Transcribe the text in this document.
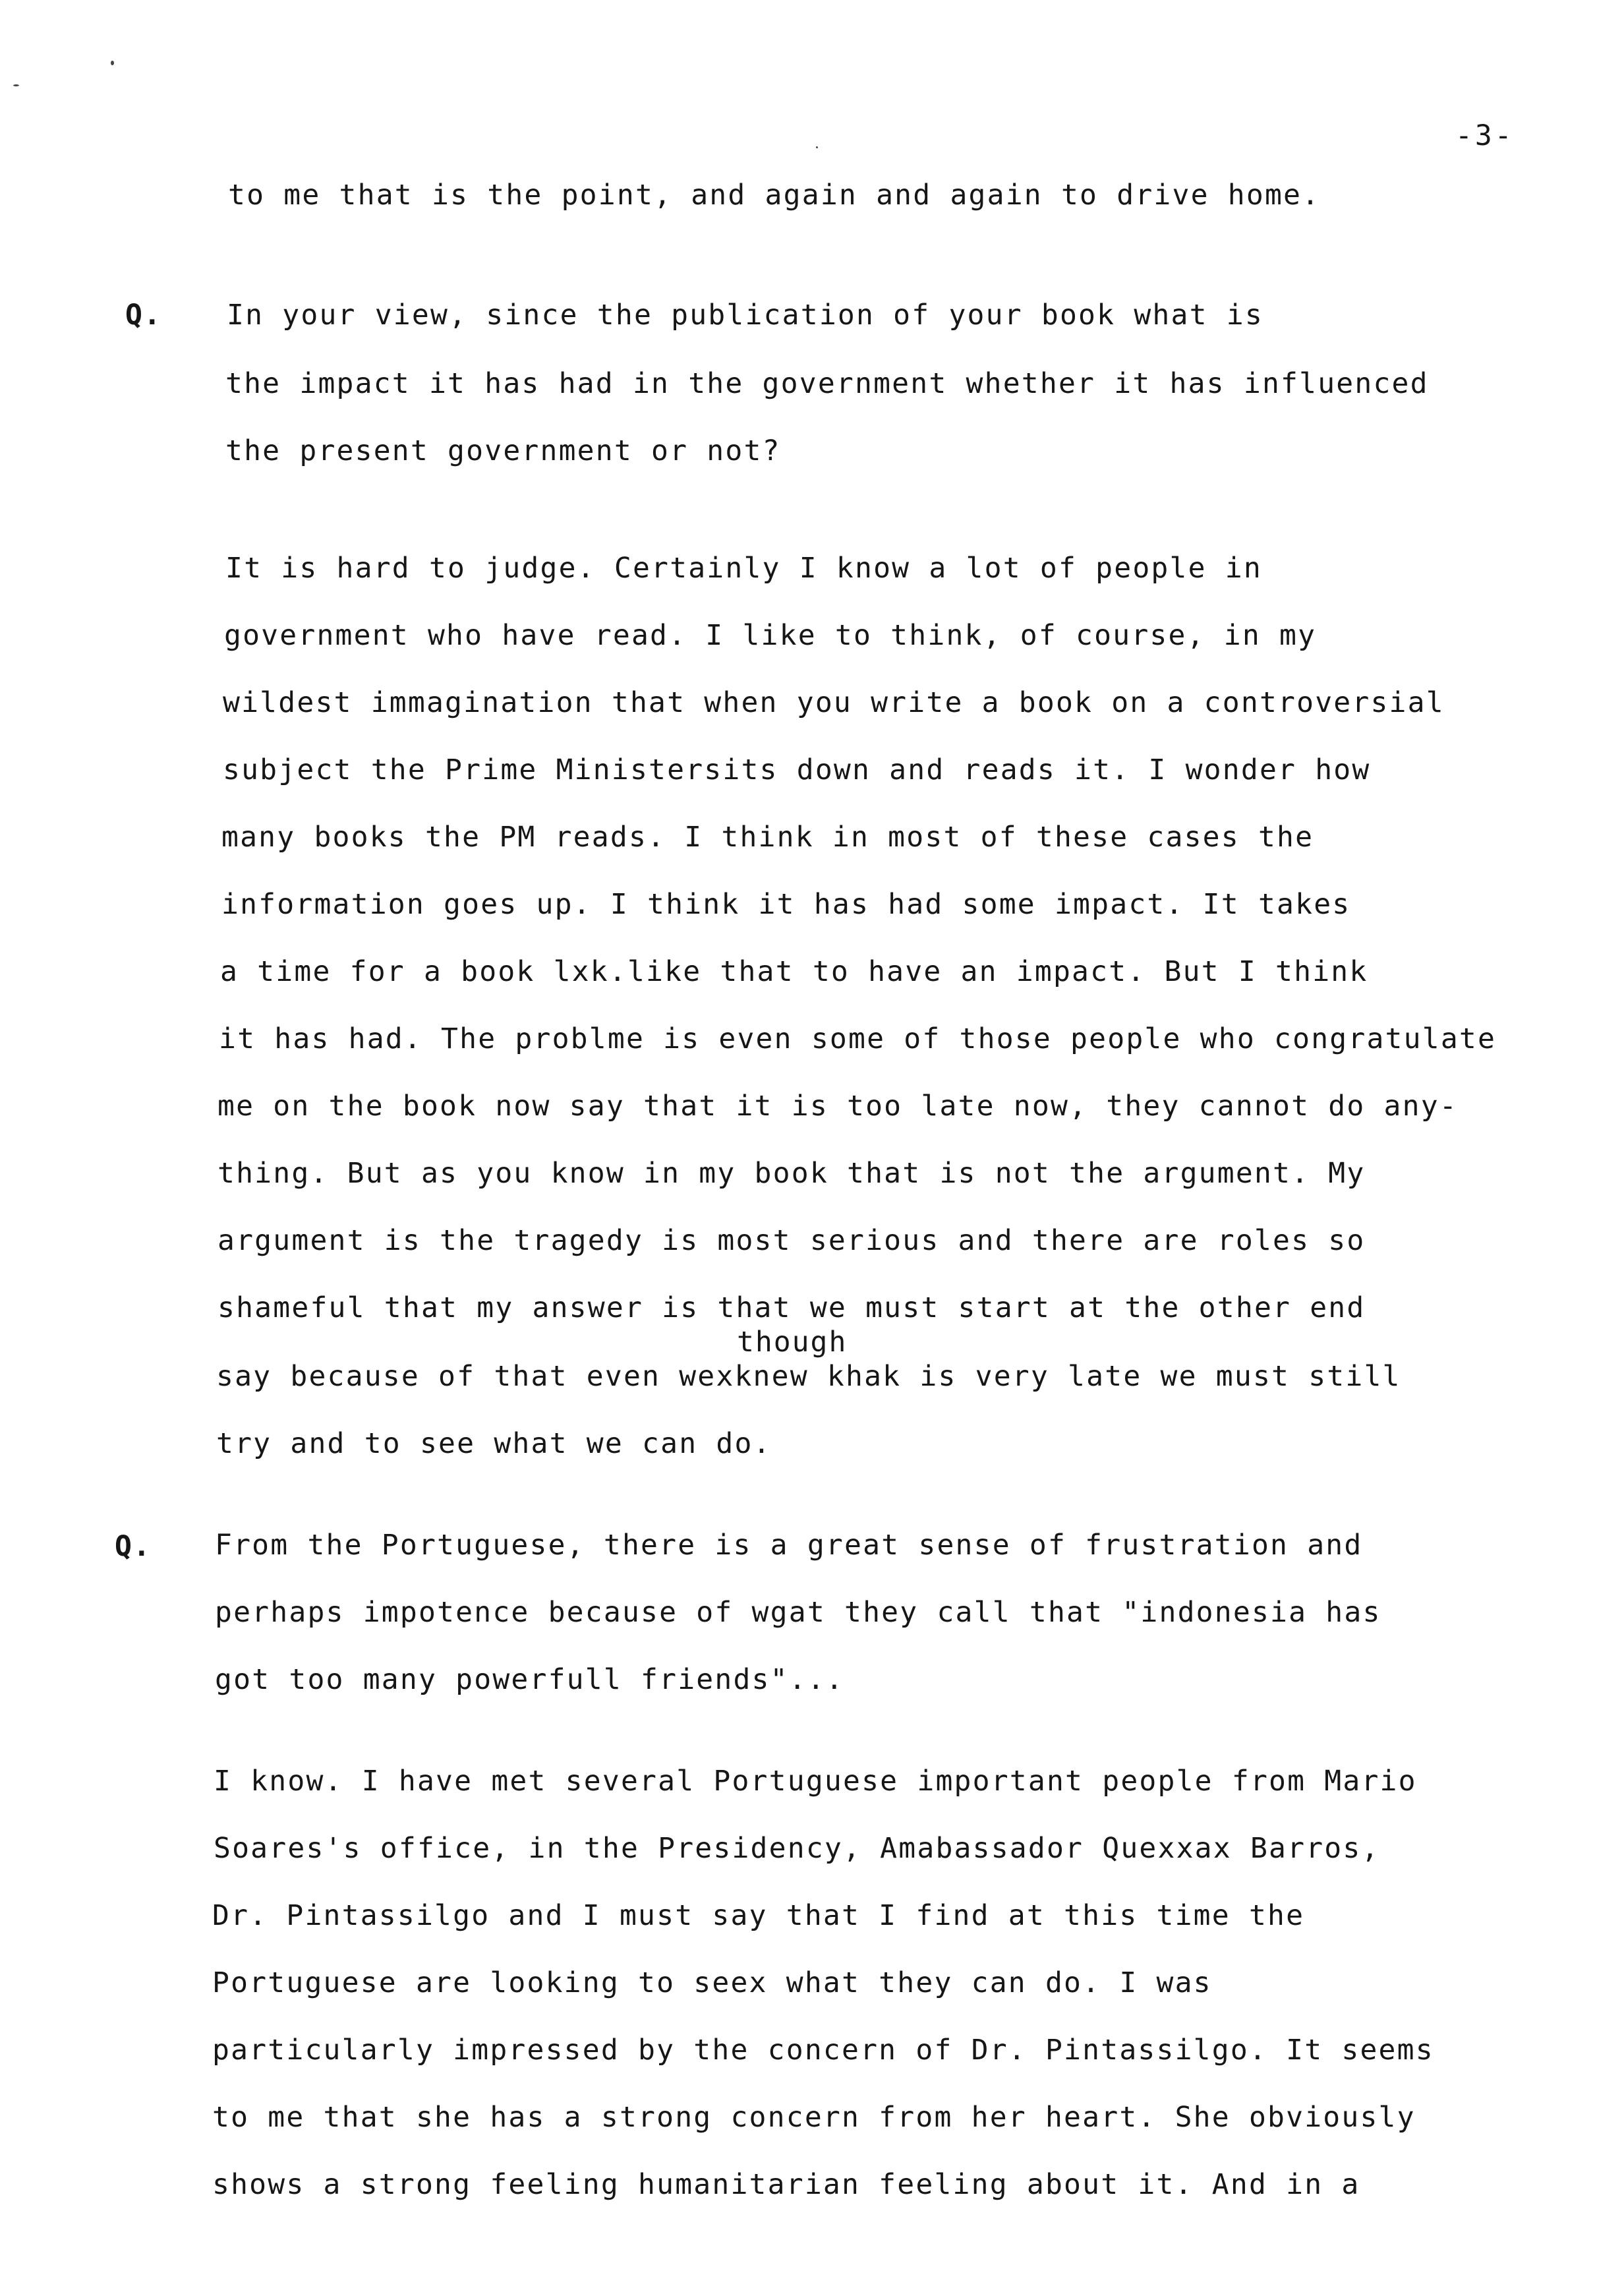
-3-
to me that is the point, and again and again to drive home.
Q. In your view, since the publication of your book what is
the impact it has had in the government whether it has influenced
the present government or not?
It is hard to judge. Certainly I know a lot of people in
government who have read. I like to think, of course, in my
wildest immagination that when you write a book on a controversial
subject the Prime Ministersits down and reads it. I wonder how
many books the PM reads. I think in most of these cases the
information goes up. I think it has had some impact. It takes
a time for a book lxk.like that to have an impact. But I think
it has had. The problme is even some of those people who congratulate
me on the book now say that it is too late now, they cannot do any-
thing. But as you know in my book that is not the argument. My
argument is the tragedy is most serious and there are roles so
shameful that my answer is that we must start at the other end
though
say because of that even wexknew khak is very late we must still
try and to see what we can do.
Q. From the Portuguese, there is a great sense of frustration and
perhaps impotence because of wgat they call that "indonesia has
got too many powerfull friends"...
I know. I have met several Portuguese important people from Mario
Soares's office, in the Presidency, Amabassador Quexxax Barros,
Dr. Pintassilgo and I must say that I find at this time the
Portuguese are looking to seex what they can do. I was
particularly impressed by the concern of Dr. Pintassilgo. It seems
to me that she has a strong concern from her heart. She obviously
shows a strong feeling humanitarian feeling about it. And in a
